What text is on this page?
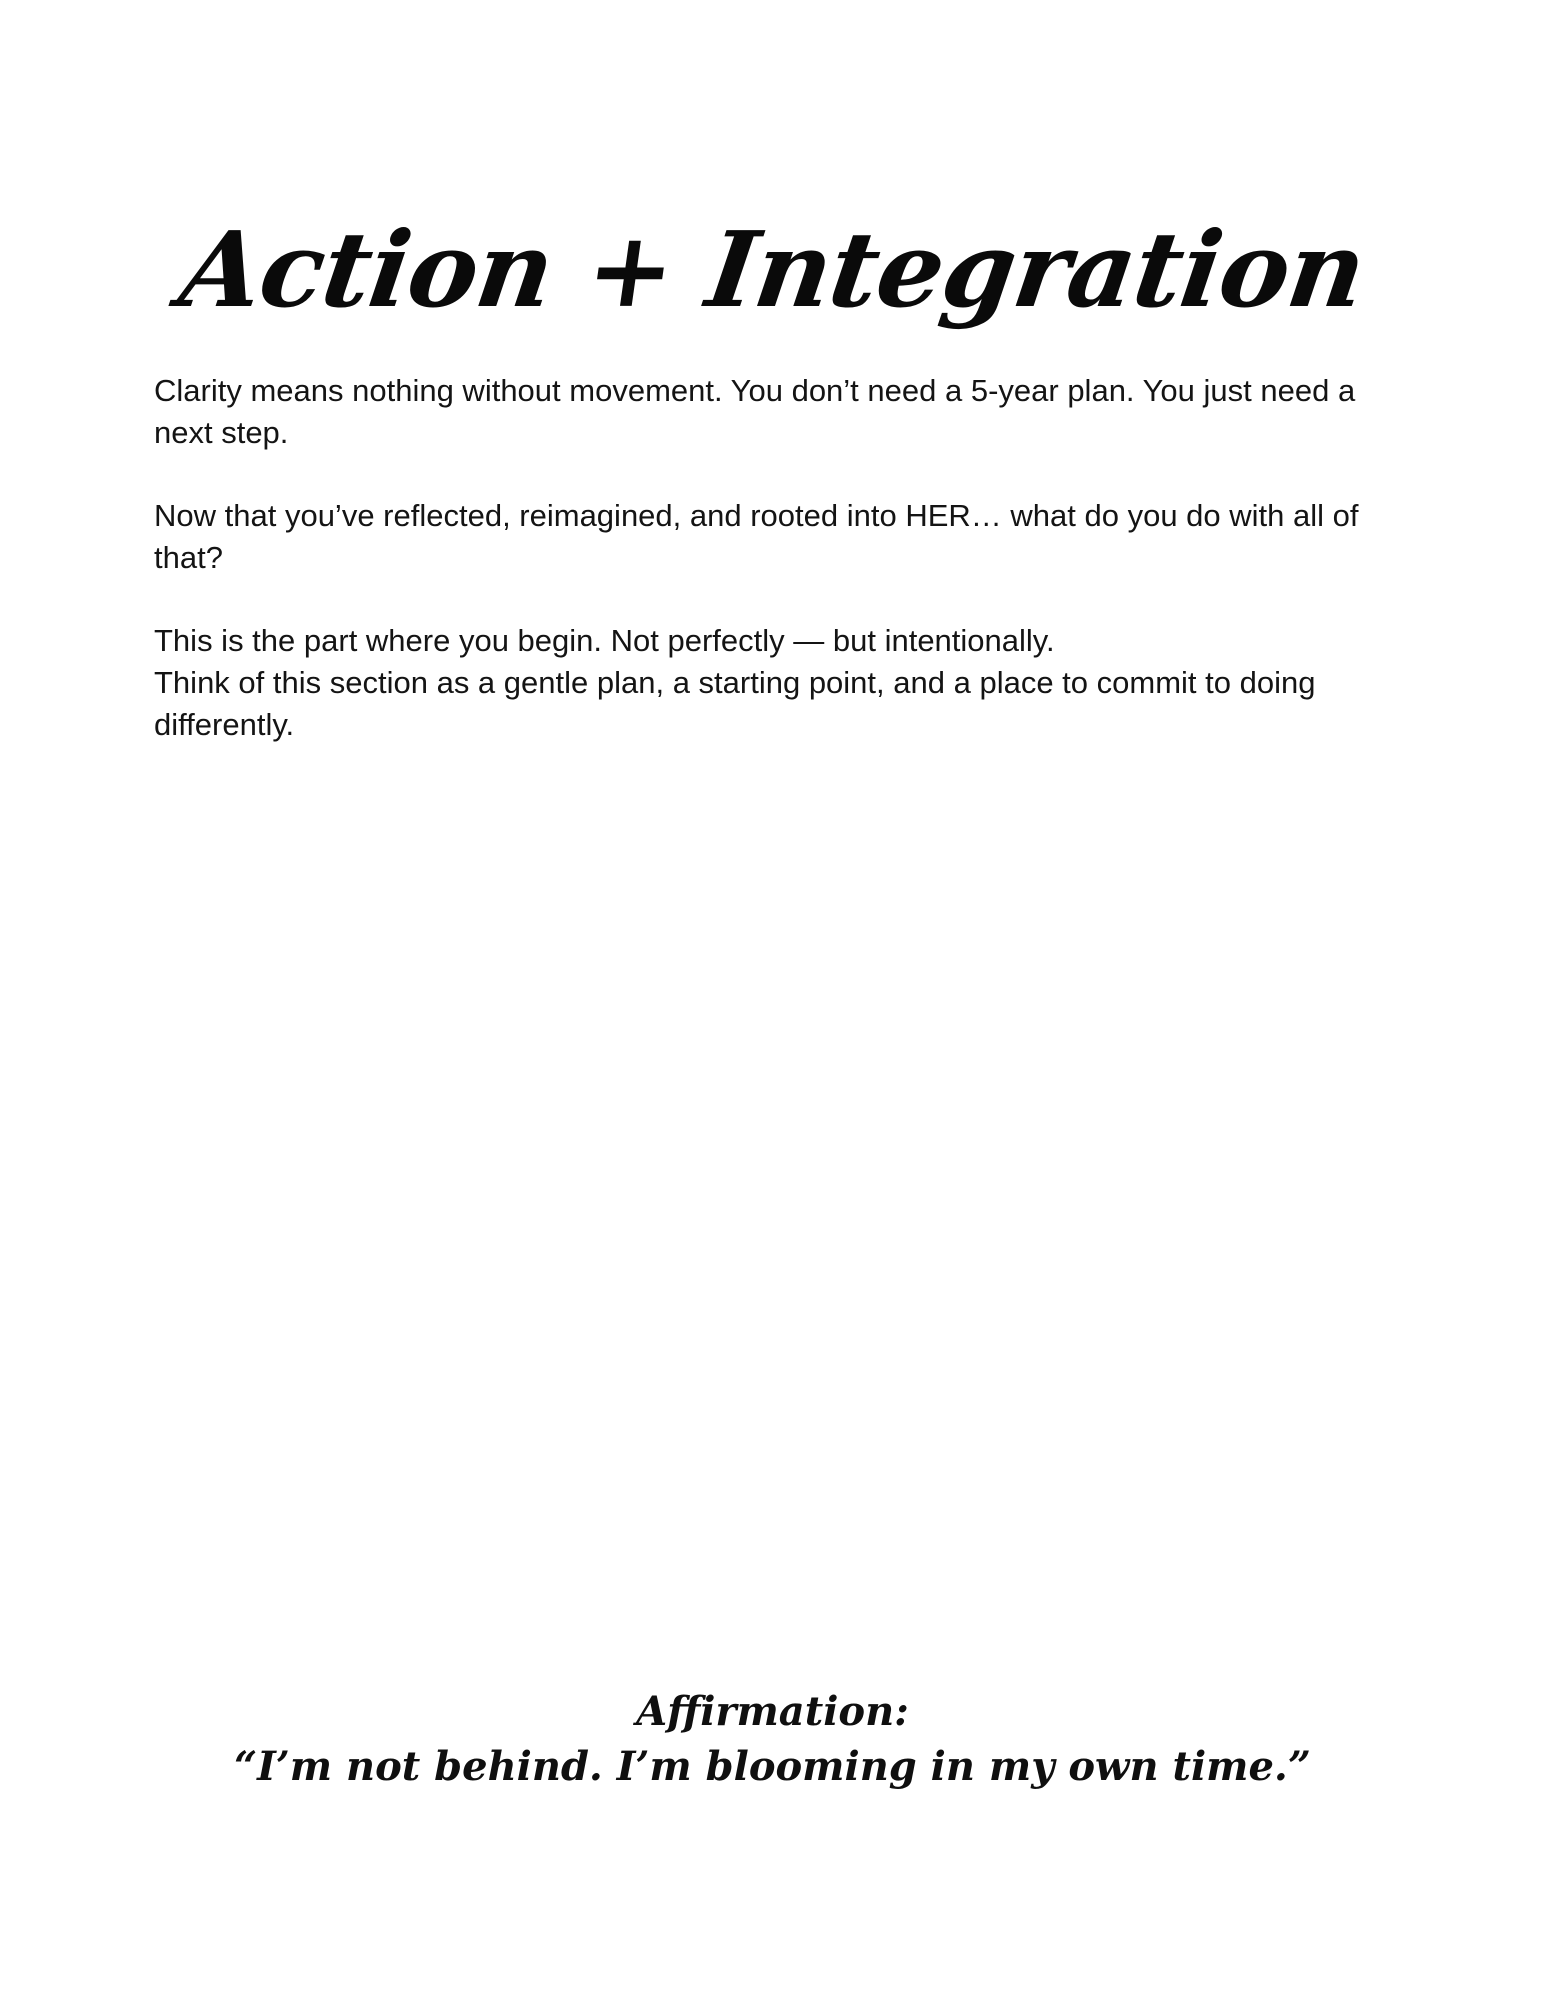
Action + Integration

Clarity means nothing without movement. You don’t need a 5-year plan. You just need a next step.

Now that you’ve reflected, reimagined, and rooted into HER… what do you do with all of that?

This is the part where you begin. Not perfectly — but intentionally.
Think of this section as a gentle plan, a starting point, and a place to commit to doing differently.

Affirmation:

“I’m not behind. I’m blooming in my own time.”
